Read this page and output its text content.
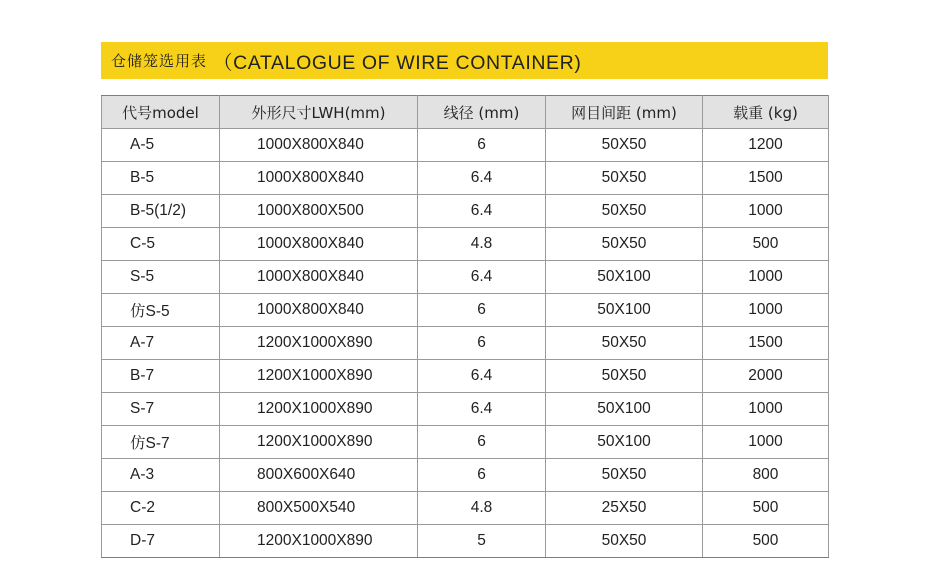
仓储笼选用表 （CATALOGUE OF WIRE CONTAINER)
代号model	外形尺寸LWH(mm)	线径 (mm)	网目间距 (mm)	载重 (kg)
A-5	1000X800X840	6	50X50	1200
B-5	1000X800X840	6.4	50X50	1500
B-5(1/2)	1000X800X500	6.4	50X50	1000
C-5	1000X800X840	4.8	50X50	500
S-5	1000X800X840	6.4	50X100	1000
仿S-5	1000X800X840	6	50X100	1000
A-7	1200X1000X890	6	50X50	1500
B-7	1200X1000X890	6.4	50X50	2000
S-7	1200X1000X890	6.4	50X100	1000
仿S-7	1200X1000X890	6	50X100	1000
A-3	800X600X640	6	50X50	800
C-2	800X500X540	4.8	25X50	500
D-7	1200X1000X890	5	50X50	500
